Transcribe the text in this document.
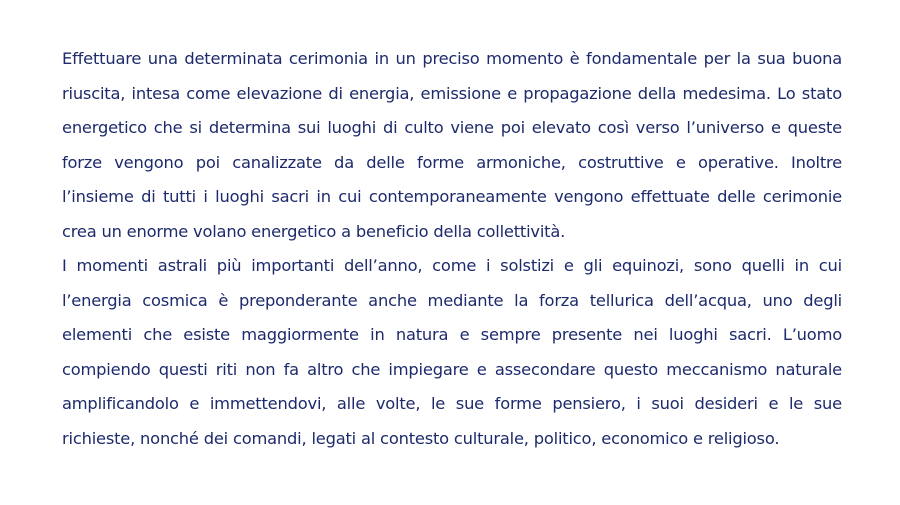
Effettuare una determinata cerimonia in un preciso momento è fondamentale per la sua buona
riuscita, intesa come elevazione di energia, emissione e propagazione della medesima. Lo stato
energetico che si determina sui luoghi di culto viene poi elevato così verso l’universo e queste
forze vengono poi canalizzate da delle forme armoniche, costruttive e operative. Inoltre
l’insieme di tutti i luoghi sacri in cui contemporaneamente vengono effettuate delle cerimonie
crea un enorme volano energetico a beneficio della collettività.
I momenti astrali più importanti dell’anno, come i solstizi e gli equinozi, sono quelli in cui
l’energia cosmica è preponderante anche mediante la forza tellurica dell’acqua, uno degli
elementi che esiste maggiormente in natura e sempre presente nei luoghi sacri. L’uomo
compiendo questi riti non fa altro che impiegare e assecondare questo meccanismo naturale
amplificandolo e immettendovi, alle volte, le sue forme pensiero, i suoi desideri e le sue
richieste, nonché dei comandi, legati al contesto culturale, politico, economico e religioso.
